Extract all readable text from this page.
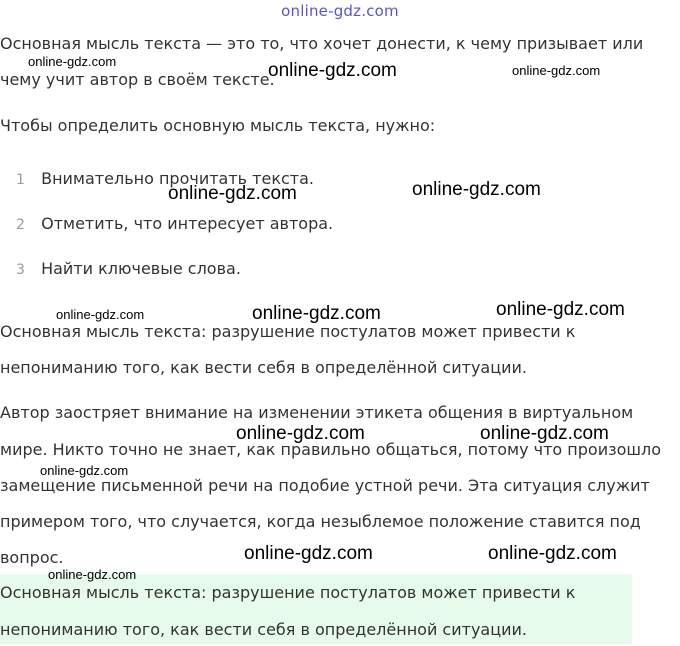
online-gdz.com

Основная мысль текста — это то, что хочет донести, к чему призывает или

чему учит автор в своём тексте.

Чтобы определить основную мысль текста, нужно:

1 Внимательно прочитать текста.
2 Отметить, что интересует автора.
3 Найти ключевые слова.

Основная мысль текста: разрушение постулатов может привести к

непониманию того, как вести себя в определённой ситуации.

Автор заостряет внимание на изменении этикета общения в виртуальном

мире. Никто точно не знает, как правильно общаться, потому что произошло

замещение письменной речи на подобие устной речи. Эта ситуация служит

примером того, что случается, когда незыблемое положение ставится под

вопрос.

Основная мысль текста: разрушение постулатов может привести к

непониманию того, как вести себя в определённой ситуации.

online-gdz.com	online-gdz.com	online-gdz.com
online-gdz.com	online-gdz.com
online-gdz.com	online-gdz.com	online-gdz.com
online-gdz.com	online-gdz.com
online-gdz.com
online-gdz.com	online-gdz.com
online-gdz.com
